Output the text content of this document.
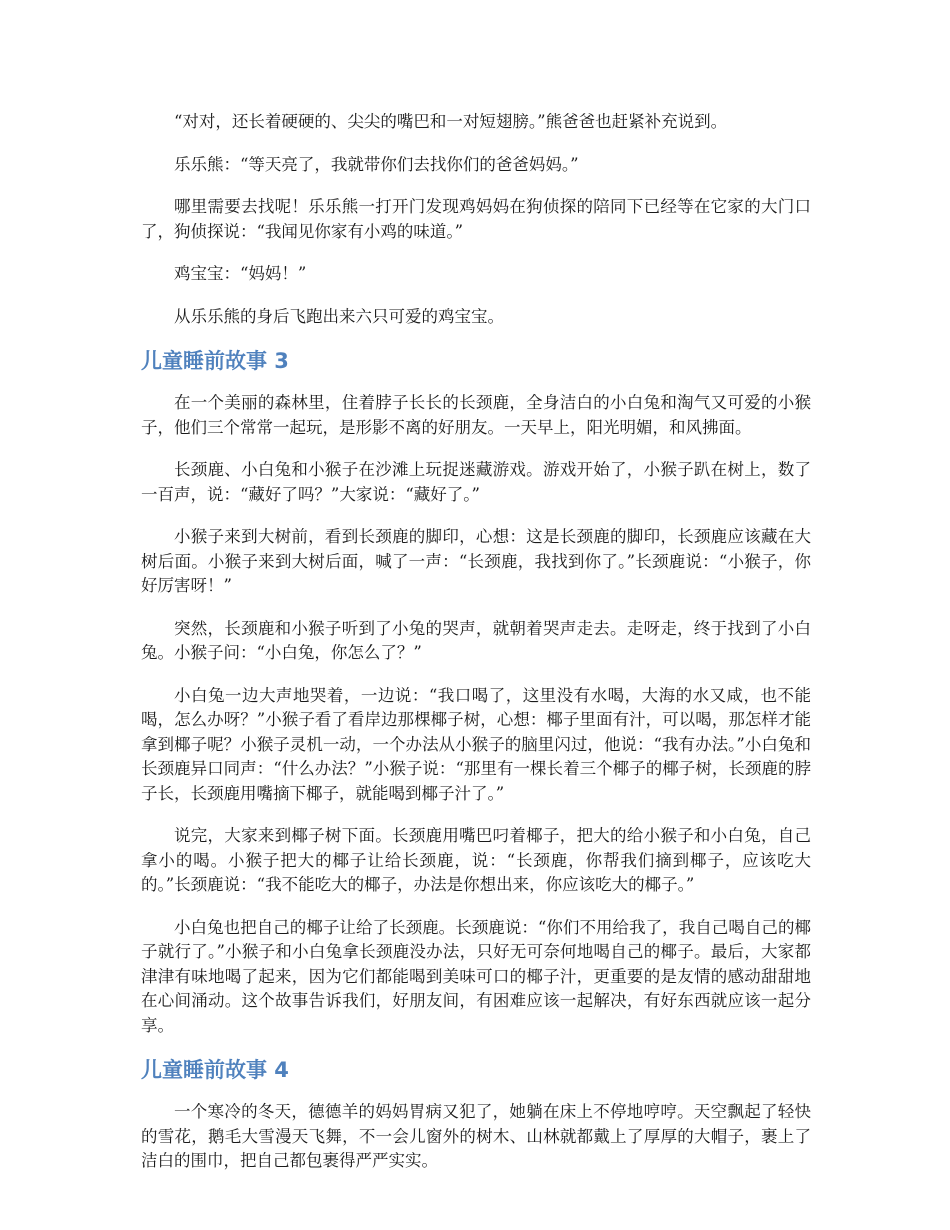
“对对，还长着硬硬的、尖尖的嘴巴和一对短翅膀。”熊爸爸也赶紧补充说到。

乐乐熊：“等天亮了，我就带你们去找你们的爸爸妈妈。”

哪里需要去找呢！乐乐熊一打开门发现鸡妈妈在狗侦探的陪同下已经等在它家的大门口了，狗侦探说：“我闻见你家有小鸡的味道。”

鸡宝宝：“妈妈！”

从乐乐熊的身后飞跑出来六只可爱的鸡宝宝。

儿童睡前故事 3

在一个美丽的森林里，住着脖子长长的长颈鹿，全身洁白的小白兔和淘气又可爱的小猴子，他们三个常常一起玩，是形影不离的好朋友。一天早上，阳光明媚，和风拂面。

长颈鹿、小白兔和小猴子在沙滩上玩捉迷藏游戏。游戏开始了，小猴子趴在树上，数了一百声，说：“藏好了吗？”大家说：“藏好了。”

小猴子来到大树前，看到长颈鹿的脚印，心想：这是长颈鹿的脚印，长颈鹿应该藏在大树后面。小猴子来到大树后面，喊了一声：“长颈鹿，我找到你了。”长颈鹿说：“小猴子，你好厉害呀！”

突然，长颈鹿和小猴子听到了小兔的哭声，就朝着哭声走去。走呀走，终于找到了小白兔。小猴子问：“小白兔，你怎么了？”

小白兔一边大声地哭着，一边说：“我口喝了，这里没有水喝，大海的水又咸，也不能喝，怎么办呀？”小猴子看了看岸边那棵椰子树，心想：椰子里面有汁，可以喝，那怎样才能拿到椰子呢？小猴子灵机一动，一个办法从小猴子的脑里闪过，他说：“我有办法。”小白兔和长颈鹿异口同声：“什么办法？”小猴子说：“那里有一棵长着三个椰子的椰子树，长颈鹿的脖子长，长颈鹿用嘴摘下椰子，就能喝到椰子汁了。”

说完，大家来到椰子树下面。长颈鹿用嘴巴叼着椰子，把大的给小猴子和小白兔，自己拿小的喝。小猴子把大的椰子让给长颈鹿，说：“长颈鹿，你帮我们摘到椰子，应该吃大的。”长颈鹿说：“我不能吃大的椰子，办法是你想出来，你应该吃大的椰子。”

小白兔也把自己的椰子让给了长颈鹿。长颈鹿说：“你们不用给我了，我自己喝自己的椰子就行了。”小猴子和小白兔拿长颈鹿没办法，只好无可奈何地喝自己的椰子。最后，大家都津津有味地喝了起来，因为它们都能喝到美味可口的椰子汁，更重要的是友情的感动甜甜地在心间涌动。这个故事告诉我们，好朋友间，有困难应该一起解决，有好东西就应该一起分享。

儿童睡前故事 4

一个寒冷的冬天，德德羊的妈妈胃病又犯了，她躺在床上不停地哼哼。天空飘起了轻快的雪花，鹅毛大雪漫天飞舞，不一会儿窗外的树木、山林就都戴上了厚厚的大帽子，裹上了洁白的围巾，把自己都包裹得严严实实。
